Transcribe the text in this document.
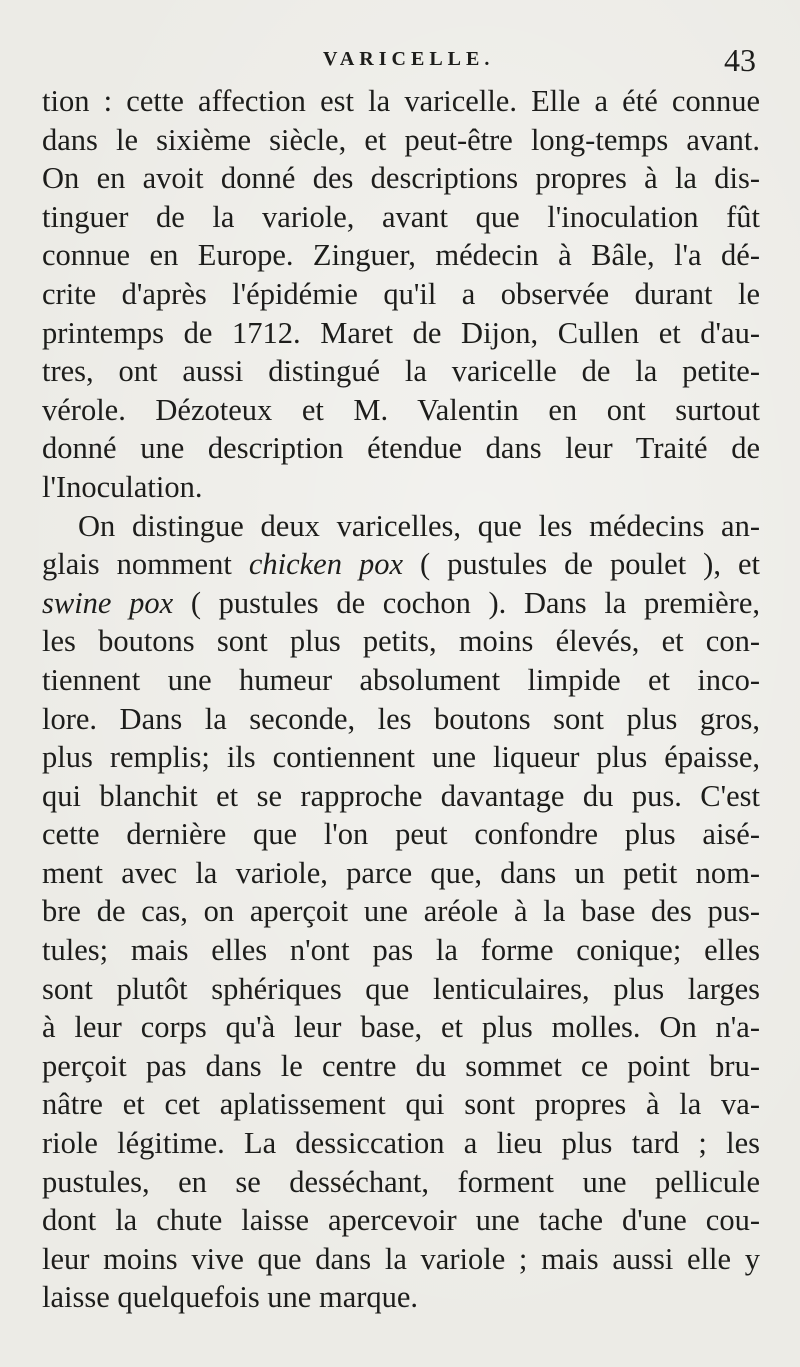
VARICELLE.	43
tion : cette affection est la varicelle. Elle a été connue
dans le sixième siècle, et peut-être long-temps avant.
On en avoit donné des descriptions propres à la dis-
tinguer de la variole, avant que l'inoculation fût
connue en Europe. Zinguer, médecin à Bâle, l'a dé-
crite d'après l'épidémie qu'il a observée durant le
printemps de 1712. Maret de Dijon, Cullen et d'au-
tres, ont aussi distingué la varicelle de la petite-
vérole. Dézoteux et M. Valentin en ont surtout
donné une description étendue dans leur Traité de
l'Inoculation.
On distingue deux varicelles, que les médecins an-
glais nomment chicken pox ( pustules de poulet ), et
swine pox ( pustules de cochon ). Dans la première,
les boutons sont plus petits, moins élevés, et con-
tiennent une humeur absolument limpide et inco-
lore. Dans la seconde, les boutons sont plus gros,
plus remplis; ils contiennent une liqueur plus épaisse,
qui blanchit et se rapproche davantage du pus. C'est
cette dernière que l'on peut confondre plus aisé-
ment avec la variole, parce que, dans un petit nom-
bre de cas, on aperçoit une aréole à la base des pus-
tules; mais elles n'ont pas la forme conique; elles
sont plutôt sphériques que lenticulaires, plus larges
à leur corps qu'à leur base, et plus molles. On n'a-
perçoit pas dans le centre du sommet ce point bru-
nâtre et cet aplatissement qui sont propres à la va-
riole légitime. La dessiccation a lieu plus tard ; les
pustules, en se desséchant, forment une pellicule
dont la chute laisse apercevoir une tache d'une cou-
leur moins vive que dans la variole ; mais aussi elle y
laisse quelquefois une marque.
